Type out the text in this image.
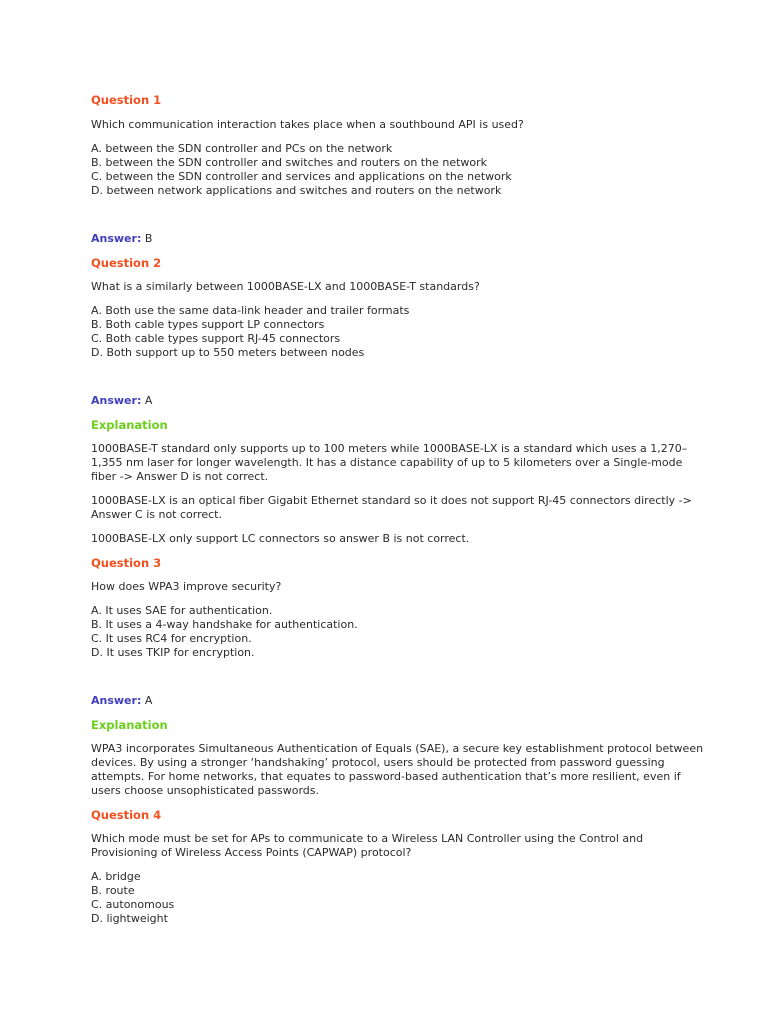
Question 1

Which communication interaction takes place when a southbound API is used?

A. between the SDN controller and PCs on the network
B. between the SDN controller and switches and routers on the network
C. between the SDN controller and services and applications on the network
D. between network applications and switches and routers on the network

Answer: B

Question 2

What is a similarly between 1000BASE-LX and 1000BASE-T standards?

A. Both use the same data-link header and trailer formats
B. Both cable types support LP connectors
C. Both cable types support RJ-45 connectors
D. Both support up to 550 meters between nodes

Answer: A

Explanation

1000BASE-T standard only supports up to 100 meters while 1000BASE-LX is a standard which uses a 1,270–1,355 nm laser for longer wavelength. It has a distance capability of up to 5 kilometers over a Single-mode fiber -> Answer D is not correct.

1000BASE-LX is an optical fiber Gigabit Ethernet standard so it does not support RJ-45 connectors directly -> Answer C is not correct.

1000BASE-LX only support LC connectors so answer B is not correct.

Question 3

How does WPA3 improve security?

A. It uses SAE for authentication.
B. It uses a 4-way handshake for authentication.
C. It uses RC4 for encryption.
D. It uses TKIP for encryption.

Answer: A

Explanation

WPA3 incorporates Simultaneous Authentication of Equals (SAE), a secure key establishment protocol between devices. By using a stronger ‘handshaking’ protocol, users should be protected from password guessing attempts. For home networks, that equates to password-based authentication that’s more resilient, even if users choose unsophisticated passwords.

Question 4

Which mode must be set for APs to communicate to a Wireless LAN Controller using the Control and Provisioning of Wireless Access Points (CAPWAP) protocol?

A. bridge
B. route
C. autonomous
D. lightweight
